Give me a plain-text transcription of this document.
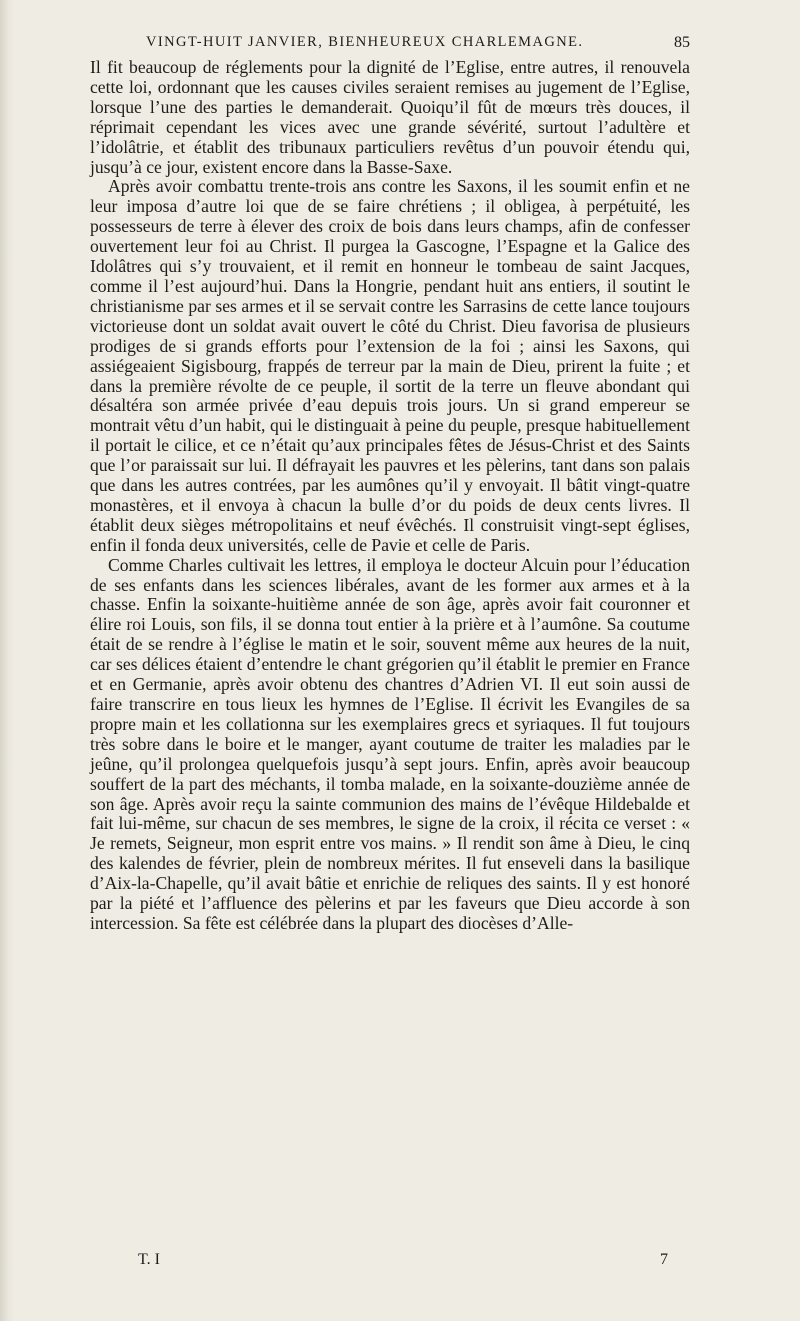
VINGT-HUIT JANVIER, BIENHEUREUX CHARLEMAGNE.	85

Il fit beaucoup de réglements pour la dignité de l’Eglise, entre autres, il renouvela cette loi, ordonnant que les causes civiles seraient remises au jugement de l’Eglise, lorsque l’une des parties le demanderait. Quoiqu’il fût de mœurs très douces, il réprimait cependant les vices avec une grande sévérité, surtout l’adultère et l’idolâtrie, et établit des tribunaux particuliers revêtus d’un pouvoir étendu qui, jusqu’à ce jour, existent encore dans la Basse-Saxe.

Après avoir combattu trente-trois ans contre les Saxons, il les soumit enfin et ne leur imposa d’autre loi que de se faire chrétiens ; il obligea, à perpétuité, les possesseurs de terre à élever des croix de bois dans leurs champs, afin de confesser ouvertement leur foi au Christ. Il purgea la Gascogne, l’Espagne et la Galice des Idolâtres qui s’y trouvaient, et il remit en honneur le tombeau de saint Jacques, comme il l’est aujourd’hui. Dans la Hongrie, pendant huit ans entiers, il soutint le christianisme par ses armes et il se servait contre les Sarrasins de cette lance toujours victorieuse dont un soldat avait ouvert le côté du Christ. Dieu favorisa de plusieurs prodiges de si grands efforts pour l’extension de la foi ; ainsi les Saxons, qui assiégeaient Sigisbourg, frappés de terreur par la main de Dieu, prirent la fuite ; et dans la première révolte de ce peuple, il sortit de la terre un fleuve abondant qui désaltéra son armée privée d’eau depuis trois jours. Un si grand empereur se montrait vêtu d’un habit, qui le distinguait à peine du peuple, presque habituellement il portait le cilice, et ce n’était qu’aux principales fêtes de Jésus-Christ et des Saints que l’or paraissait sur lui. Il défrayait les pauvres et les pèlerins, tant dans son palais que dans les autres contrées, par les aumônes qu’il y envoyait. Il bâtit vingt-quatre monastères, et il envoya à chacun la bulle d’or du poids de deux cents livres. Il établit deux sièges métropolitains et neuf évêchés. Il construisit vingt-sept églises, enfin il fonda deux universités, celle de Pavie et celle de Paris.

Comme Charles cultivait les lettres, il employa le docteur Alcuin pour l’éducation de ses enfants dans les sciences libérales, avant de les former aux armes et à la chasse. Enfin la soixante-huitième année de son âge, après avoir fait couronner et élire roi Louis, son fils, il se donna tout entier à la prière et à l’aumône. Sa coutume était de se rendre à l’église le matin et le soir, souvent même aux heures de la nuit, car ses délices étaient d’entendre le chant grégorien qu’il établit le premier en France et en Germanie, après avoir obtenu des chantres d’Adrien VI. Il eut soin aussi de faire transcrire en tous lieux les hymnes de l’Eglise. Il écrivit les Evangiles de sa propre main et les collationna sur les exemplaires grecs et syriaques. Il fut toujours très sobre dans le boire et le manger, ayant coutume de traiter les maladies par le jeûne, qu’il prolongea quelquefois jusqu’à sept jours. Enfin, après avoir beaucoup souffert de la part des méchants, il tomba malade, en la soixante-douzième année de son âge. Après avoir reçu la sainte communion des mains de l’évêque Hildebalde et fait lui-même, sur chacun de ses membres, le signe de la croix, il récita ce verset : « Je remets, Seigneur, mon esprit entre vos mains. » Il rendit son âme à Dieu, le cinq des kalendes de février, plein de nombreux mérites. Il fut enseveli dans la basilique d’Aix-la-Chapelle, qu’il avait bâtie et enrichie de reliques des saints. Il y est honoré par la piété et l’affluence des pèlerins et par les faveurs que Dieu accorde à son intercession. Sa fête est célébrée dans la plupart des diocèses d’Alle-

T. I	7
